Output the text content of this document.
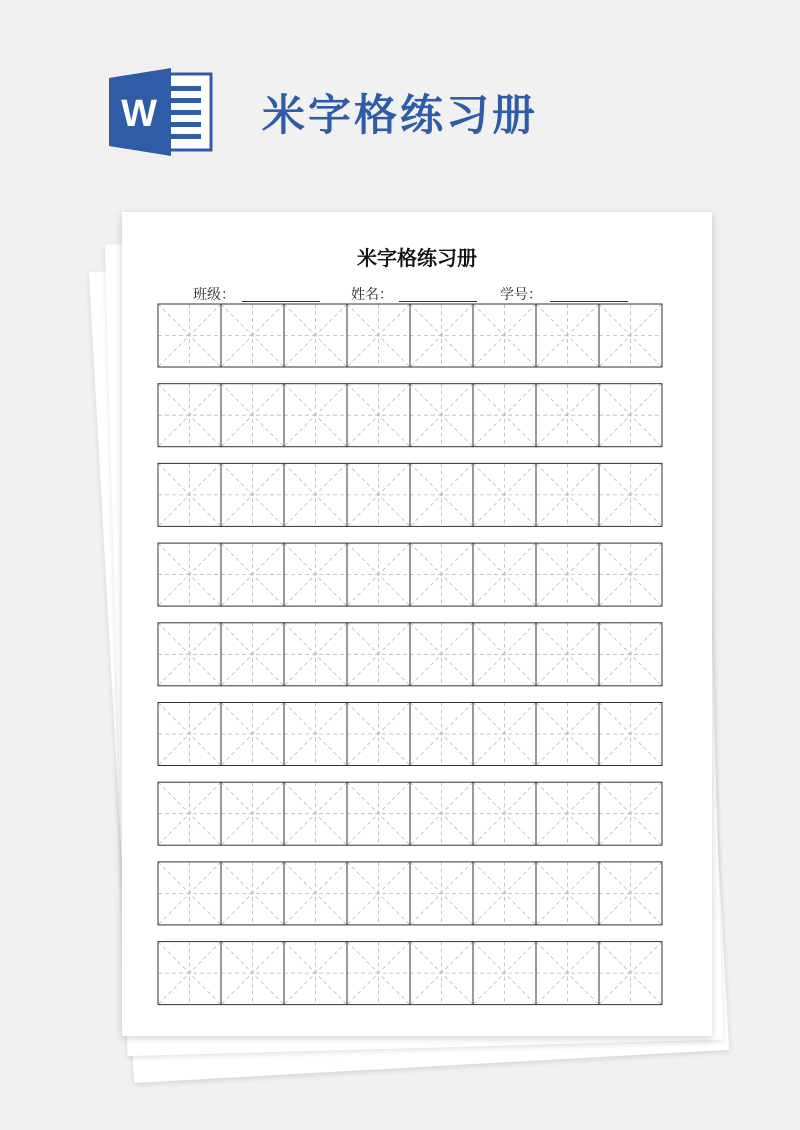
W 米字格练习册
米字格练习册
班级：	姓名：	学号：
